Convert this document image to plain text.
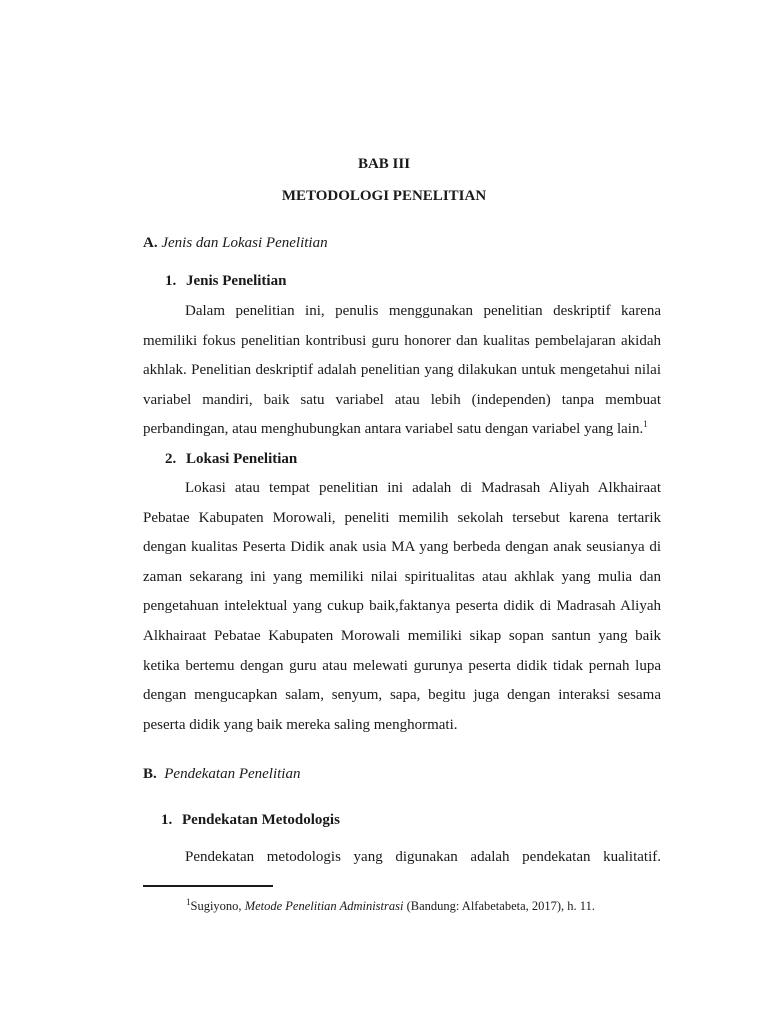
BAB III
METODOLOGI PENELITIAN
A. Jenis dan Lokasi Penelitian
1. Jenis Penelitian

Dalam penelitian ini, penulis menggunakan penelitian deskriptif karena memiliki fokus penelitian kontribusi guru honorer dan kualitas pembelajaran akidah akhlak. Penelitian deskriptif adalah penelitian yang dilakukan untuk mengetahui nilai variabel mandiri, baik satu variabel atau lebih (independen) tanpa membuat perbandingan, atau menghubungkan antara variabel satu dengan variabel yang lain.$^1$

2. Lokasi Penelitian

Lokasi atau tempat penelitian ini adalah di Madrasah Aliyah Alkhairaat Pebatae Kabupaten Morowali, peneliti memilih sekolah tersebut karena tertarik dengan kualitas Peserta Didik anak usia MA yang berbeda dengan anak seusianya di zaman sekarang ini yang memiliki nilai spiritualitas atau akhlak yang mulia dan pengetahuan intelektual yang cukup baik,faktanya peserta didik di Madrasah Aliyah Alkhairaat Pebatae Kabupaten Morowali memiliki sikap sopan santun yang baik ketika bertemu dengan guru atau melewati gurunya peserta didik tidak pernah lupa dengan mengucapkan salam, senyum, sapa, begitu juga dengan interaksi sesama peserta didik yang baik mereka saling menghormati.

B. Pendekatan Penelitian
1. Pendekatan Metodologis

Pendekatan metodologis yang digunakan adalah pendekatan kualitatif.

$^1$Sugiyono, Metode Penelitian Administrasi (Bandung: Alfabetabeta, 2017), h. 11.
